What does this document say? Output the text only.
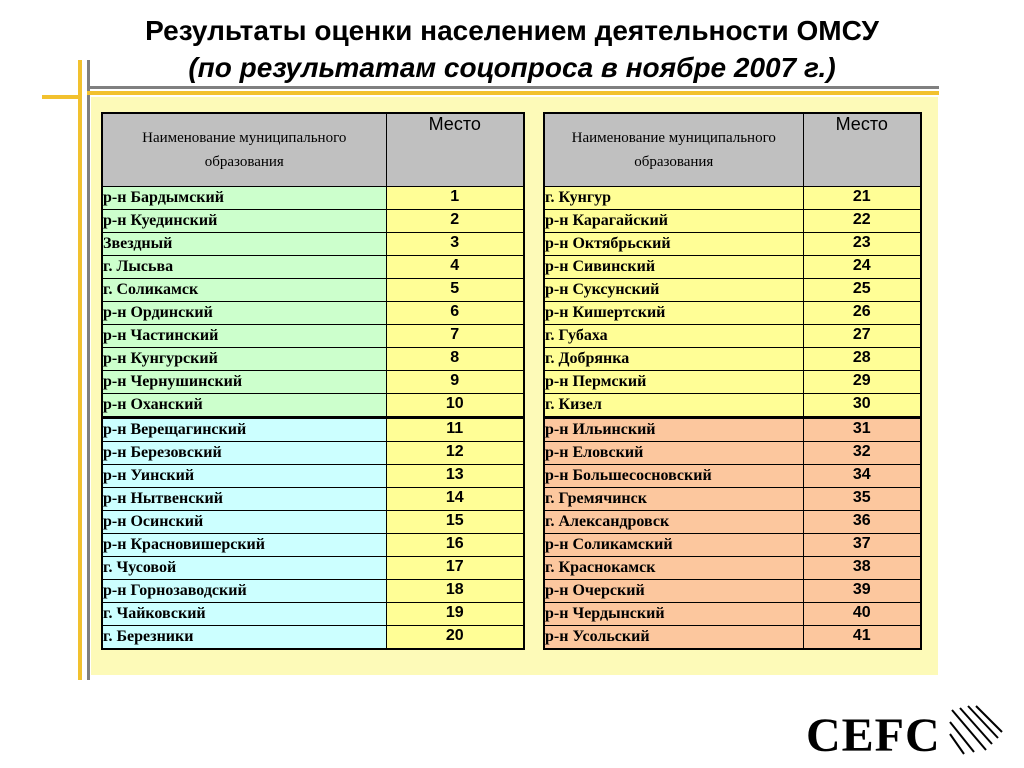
Результаты оценки населением деятельности ОМСУ
(по результатам соцопроса в ноябре 2007 г.)
Наименование муниципального образования	Место
р-н Бардымский	1
р-н Куединский	2
Звездный	3
г. Лысьва	4
г. Соликамск	5
р-н Ординский	6
р-н Частинский	7
р-н Кунгурский	8
р-н Чернушинский	9
р-н Оханский	10
р-н Верещагинский	11
р-н Березовский	12
р-н Уинский	13
р-н Нытвенский	14
р-н Осинский	15
р-н Красновишерский	16
г. Чусовой	17
р-н Горнозаводский	18
г. Чайковский	19
г. Березники	20
Наименование муниципального образования	Место
г. Кунгур	21
р-н Карагайский	22
р-н Октябрьский	23
р-н Сивинский	24
р-н Суксунский	25
р-н Кишертский	26
г. Губаха	27
г. Добрянка	28
р-н Пермский	29
г. Кизел	30
р-н Ильинский	31
р-н Еловский	32
р-н Большесосновский	34
г. Гремячинск	35
г. Александровск	36
р-н Соликамский	37
г. Краснокамск	38
р-н Очерский	39
р-н Чердынский	40
р-н Усольский	41
CEFC
